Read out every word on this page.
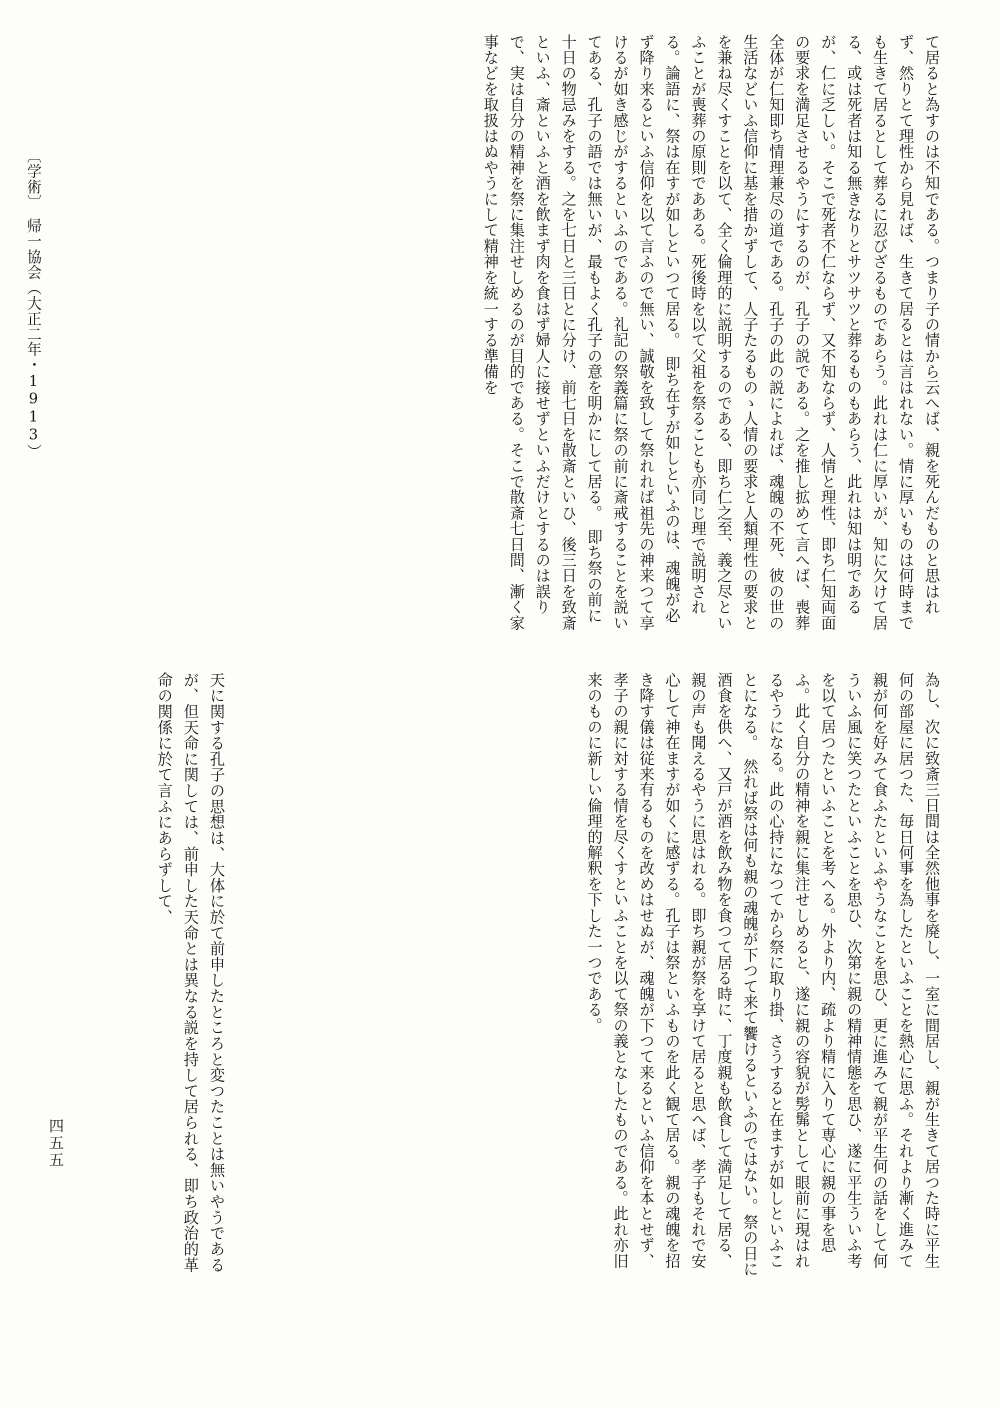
て居ると為すのは不知である。つまり子の情から云へば、親を死んだものと思はれず、然りとて理性から見れば、生きて居るとは言はれない。情に厚いものは何時までも生きて居るとして葬るに忍びざるものであらう。此れは仁に厚いが、知に欠けて居る、或は死者は知る無きなりとサツサツと葬るものもあらう、此れは知は明であるが、仁に乏しい。そこで死者不仁ならず、又不知ならず、人情と理性、即ち仁知両面の要求を満足させるやうにするのが、孔子の説である。之を推し拡めて言へば、喪葬全体が仁知即ち情理兼尽の道である。孔子の此の説によれば、魂魄の不死、彼の世の生活などいふ信仰に基を措かずして、人子たるものゝ人情の要求と人類理性の要求とを兼ね尽くすことを以て、全く倫理的に説明するのである、即ち仁之至、義之尽といふことが喪葬の原則であある。死後時を以て父祖を祭ることも亦同じ理で説明される。論語に、祭は在すが如しといつて居る。　即ち在すが如しといふのは、魂魄が必ず降り来るといふ信仰を以て言ふので無い、誠敬を致して祭れれば祖先の神来つて享けるが如き感じがするといふのである。礼記の祭義篇に祭の前に斎戒することを説いてある、孔子の語では無いが、最もよく孔子の意を明かにして居る。　即ち祭の前に十日の物忌みをする。之を七日と三日とに分け、前七日を散斎といひ、後三日を致斎といふ、斎といふと酒を飲まず肉を食はず婦人に接せずといふだけとするのは誤りで、実は自分の精神を祭に集注せしめるのが目的である。そこで散斎七日間、漸く家事などを取扱はぬやうにして精神を統一する準備を
〔学術〕　帰一協会（大正二年・1913）
為し、次に致斎三日間は全然他事を廃し、一室に間居し、親が生きて居つた時に平生何の部屋に居つた、毎日何事を為したといふことを熱心に思ふ。それより漸く進みて親が何を好みて食ふたといふやうなことを思ひ、更に進みて親が平生何の話をして何ういふ風に笑つたといふことを思ひ、次第に親の精神情態を思ひ、遂に平生ういふ考を以て居つたといふことを考へる。外より内、疏より精に入りて専心に親の事を思ふ。此く自分の精神を親に集注せしめると、遂に親の容貌が髣髴として眼前に現はれるやうになる。此の心持になつてから祭に取り掛、さうすると在ますが如しといふことになる。　然れば祭は何も親の魂魄が下つて来て饗けるといふのではない。祭の日に酒食を供へ、又戸が酒を飲み物を食つて居る時に、丁度親も飲食して満足して居る、親の声も聞えるやうに思はれる。即ち親が祭を享けて居ると思へば、孝子もそれで安心して神在ますが如くに感ずる。孔子は祭といふものを此く観て居る。親の魂魄を招き降す儀は従来有るものを改めはせぬが、魂魄が下つて来るといふ信仰を本とせず、孝子の親に対する情を尽くすといふことを以て祭の義となしたものである。此れ亦旧来のものに新しい倫理的解釈を下した一つである。
天に関する孔子の思想は、大体に於て前申したところと変つたことは無いやうであるが、但天命に関しては、前申した天命とは異なる説を持して居られる、即ち政治的革命の関係に於て言ふにあらずして、
四五五
